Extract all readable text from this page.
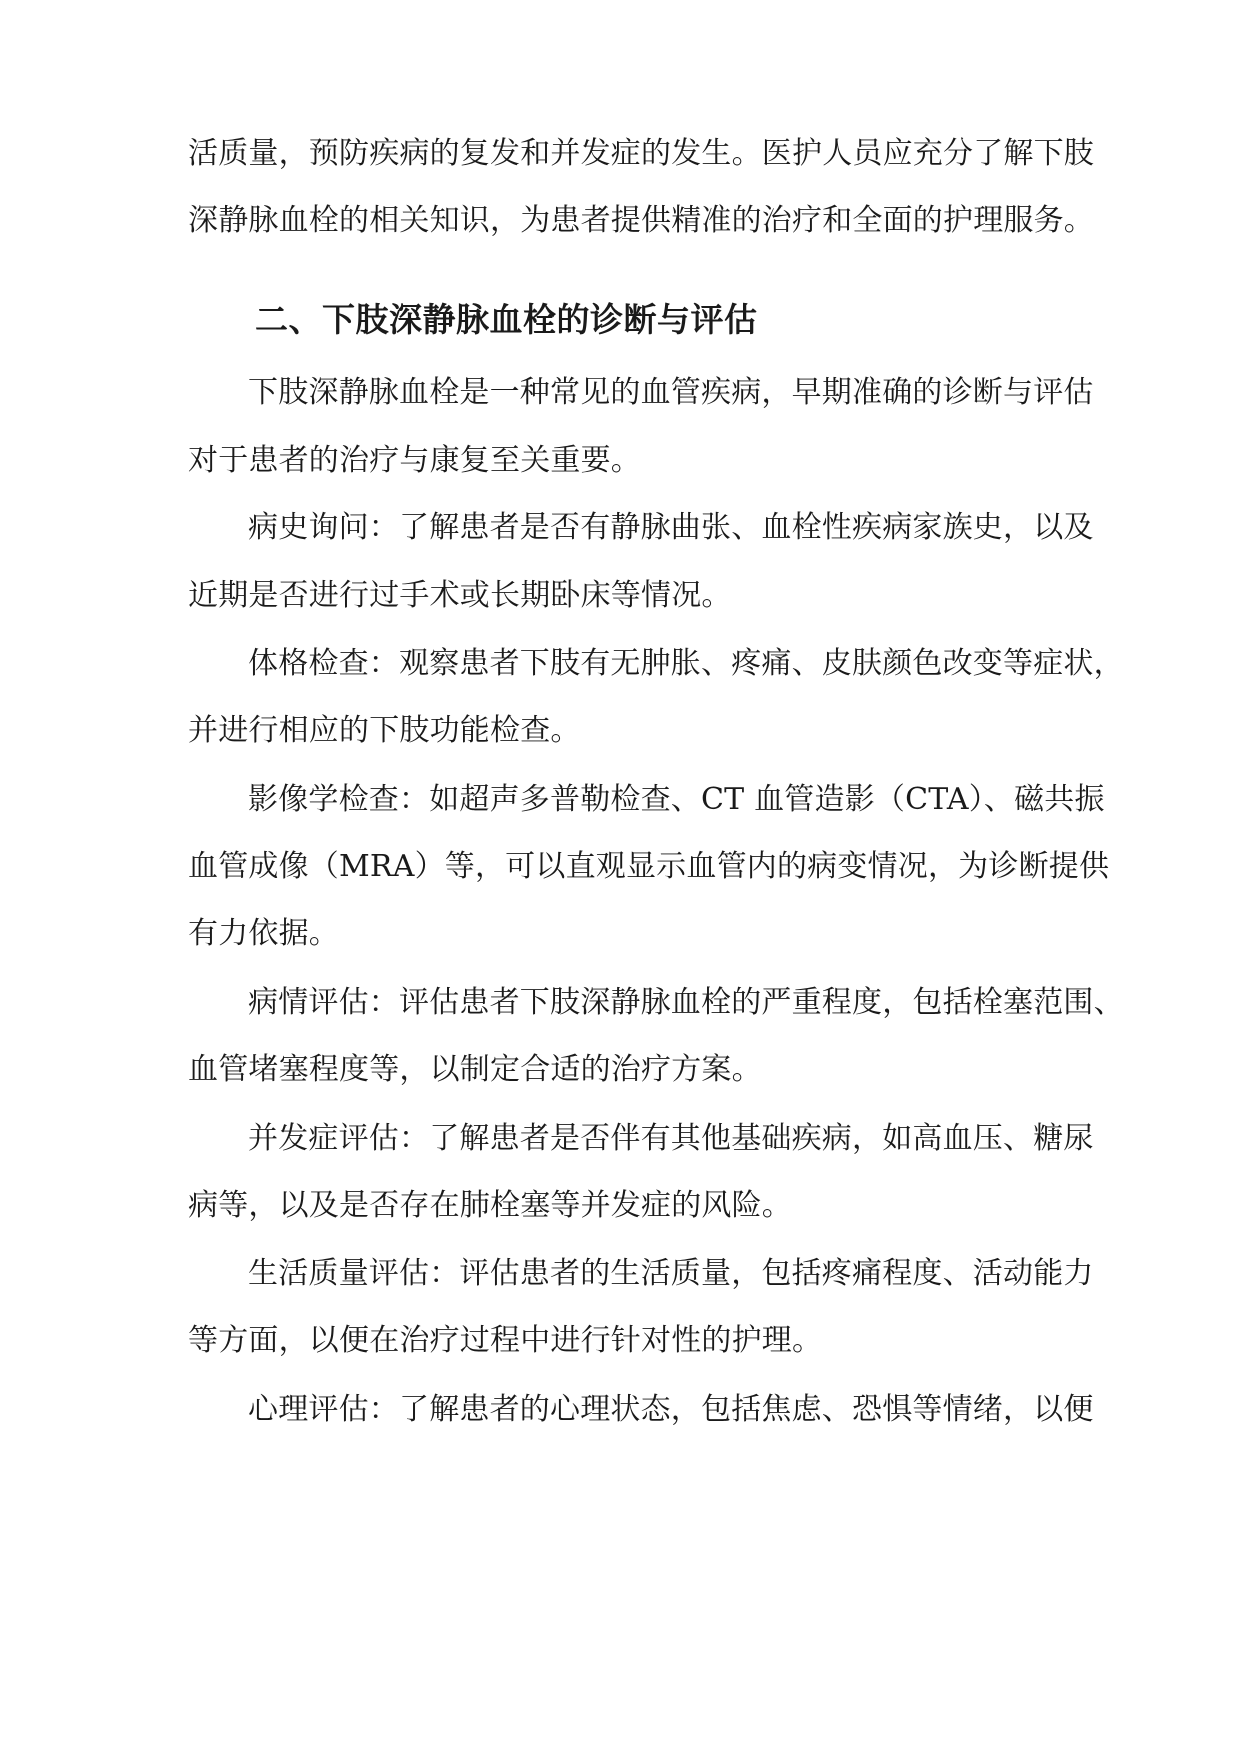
活质量，预防疾病的复发和并发症的发生。医护人员应充分了解下肢
深静脉血栓的相关知识，为患者提供精准的治疗和全面的护理服务。
二、下肢深静脉血栓的诊断与评估
下肢深静脉血栓是一种常见的血管疾病，早期准确的诊断与评估
对于患者的治疗与康复至关重要。
病史询问：了解患者是否有静脉曲张、血栓性疾病家族史，以及
近期是否进行过手术或长期卧床等情况。
体格检查：观察患者下肢有无肿胀、疼痛、皮肤颜色改变等症状，
并进行相应的下肢功能检查。
影像学检查：如超声多普勒检查、CT 血管造影（CTA）、磁共振
血管成像（MRA）等，可以直观显示血管内的病变情况，为诊断提供
有力依据。
病情评估：评估患者下肢深静脉血栓的严重程度，包括栓塞范围、
血管堵塞程度等，以制定合适的治疗方案。
并发症评估：了解患者是否伴有其他基础疾病，如高血压、糖尿
病等，以及是否存在肺栓塞等并发症的风险。
生活质量评估：评估患者的生活质量，包括疼痛程度、活动能力
等方面，以便在治疗过程中进行针对性的护理。
心理评估：了解患者的心理状态，包括焦虑、恐惧等情绪，以便
